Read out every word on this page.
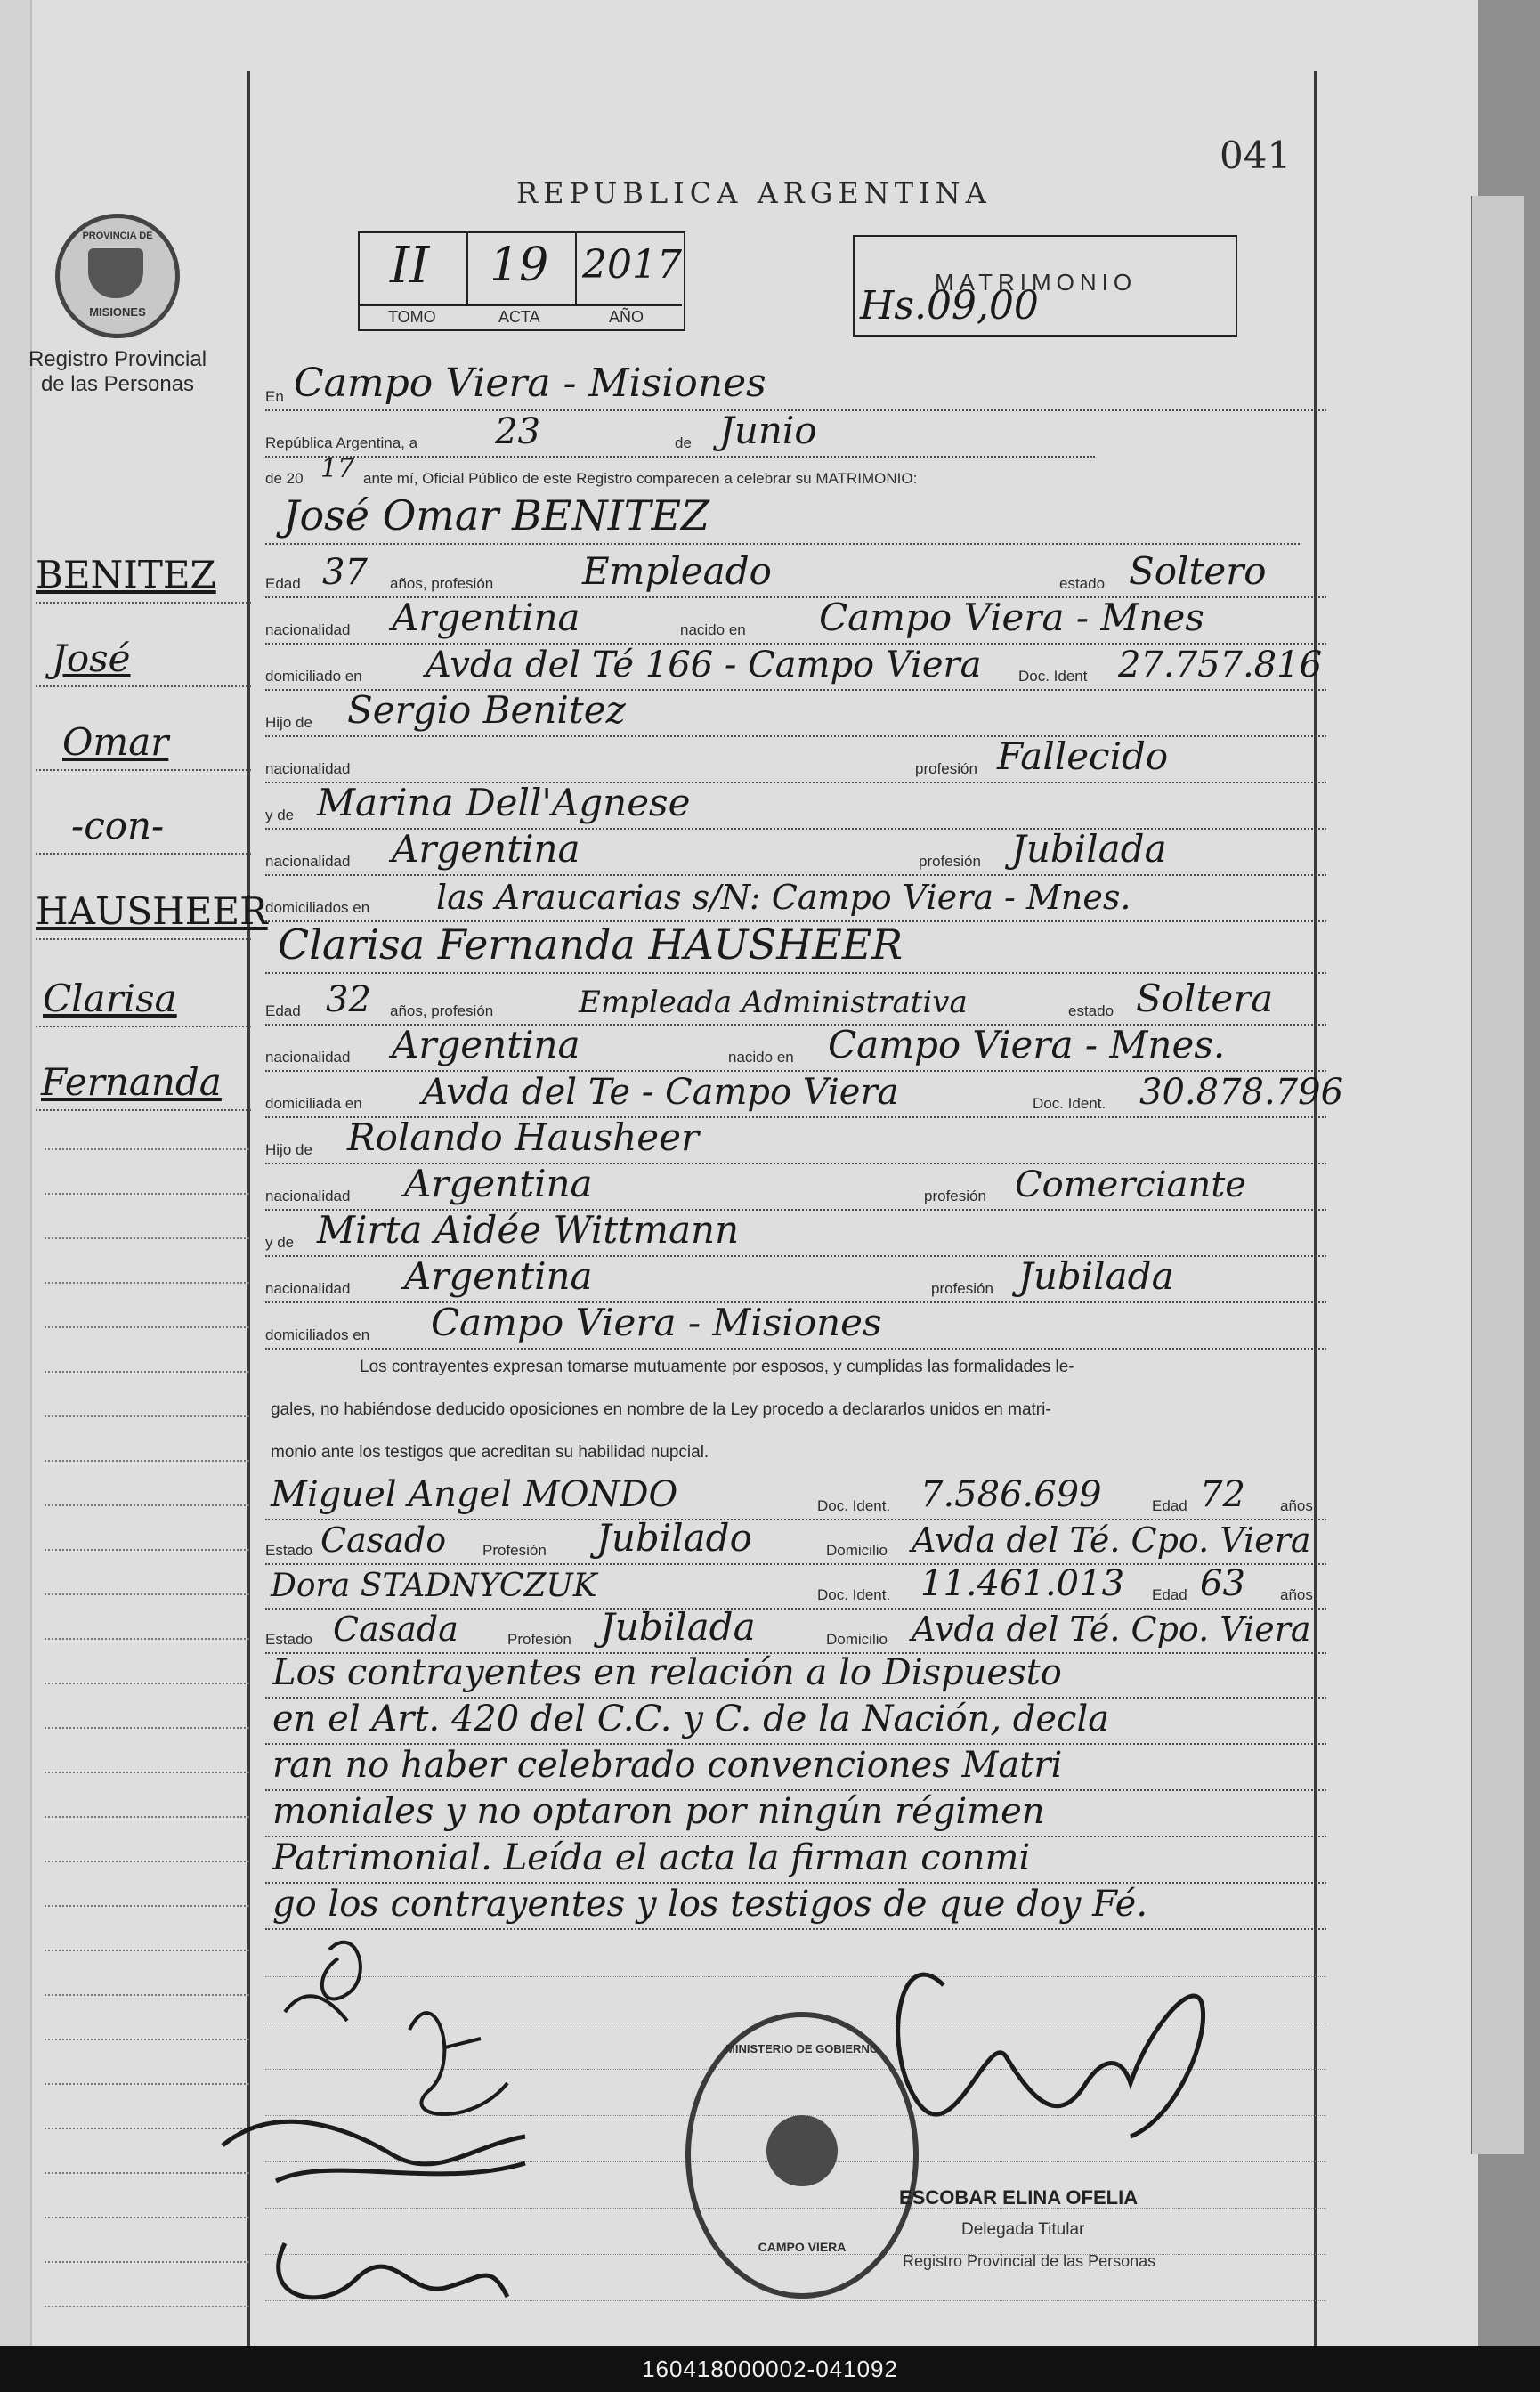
041
REPUBLICA ARGENTINA
PROVINCIA DE
MISIONES
Registro Provincial de las Personas
II 19 2017
TOMO	ACTA	AÑO
MATRIMONIO
Hs.09,00
En Campo Viera - Misiones
República Argentina, a 23	de Junio
de 20 17 ante mí, Oficial Público de este Registro comparecen a celebrar su MATRIMONIO:
José Omar BENITEZ
Edad 37 años, profesión Empleado	estado Soltero
nacionalidad Argentina	nacido en Campo Viera - Mnes
domiciliado en Avda del Té 166 - Campo Viera Doc. Ident 27.757.816
Hijo de Sergio Benitez
nacionalidad	profesión Fallecido
y de Marina Dell'Agnese
nacionalidad Argentina	profesión Jubilada
domiciliados en las Araucarias s/N: Campo Viera - Mnes.
Clarisa Fernanda HAUSHEER
Edad 32 años, profesión	Empleada Administrativa	estado Soltera
nacionalidad Argentina	nacido en Campo Viera - Mnes.
domiciliada en Avda del Te - Campo Viera	Doc. Ident. 30.878.796
Hijo de Rolando Hausheer
nacionalidad Argentina	profesión Comerciante
y de Mirta Aidée Wittmann
nacionalidad Argentina	profesión Jubilada
domiciliados en Campo Viera - Misiones
Los contrayentes expresan tomarse mutuamente por esposos, y cumplidas las formalidades le-
gales, no habiéndose deducido oposiciones en nombre de la Ley procedo a declararlos unidos en matri-
monio ante los testigos que acreditan su habilidad nupcial.
Miguel Angel MONDO	Doc. Ident. 7.586.699	Edad 72 años
Estado Casado Profesión Jubilado	Domicilio Avda del Té. Cpo. Viera
Dora STADNYCZUK	Doc. Ident. 11.461.013 Edad 63 años
Estado Casada	Profesión Jubilada	Domicilio Avda del Té. Cpo. Viera
Los contrayentes en relación a lo Dispuesto
en el Art. 420 del C.C. y C. de la Nación, decla
ran no haber celebrado convenciones Matri
moniales y no optaron por ningún régimen
Patrimonial. Leída el acta la firman conmi
go los contrayentes y los testigos de que doy Fé.
BENITEZ
José
Omar
-con-
HAUSHEER
Clarisa
Fernanda
MINISTERIO DE GOBIERNO
CAMPO VIERA
ESCOBAR ELINA OFELIA
Delegada Titular
Registro Provincial de las Personas
160418000002-041092
